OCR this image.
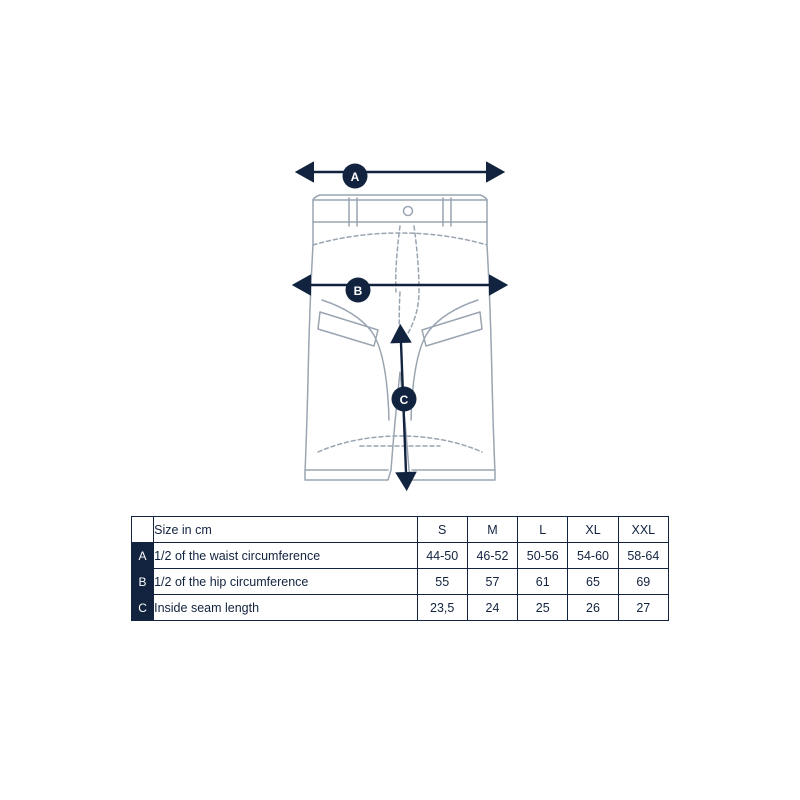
A
B
C
	Size in cm	S	M	L	XL	XXL
A	1/2 of the waist circumference	44-50	46-52	50-56	54-60	58-64
B	1/2 of the hip circumference	55	57	61	65	69
C	Inside seam length	23,5	24	25	26	27
